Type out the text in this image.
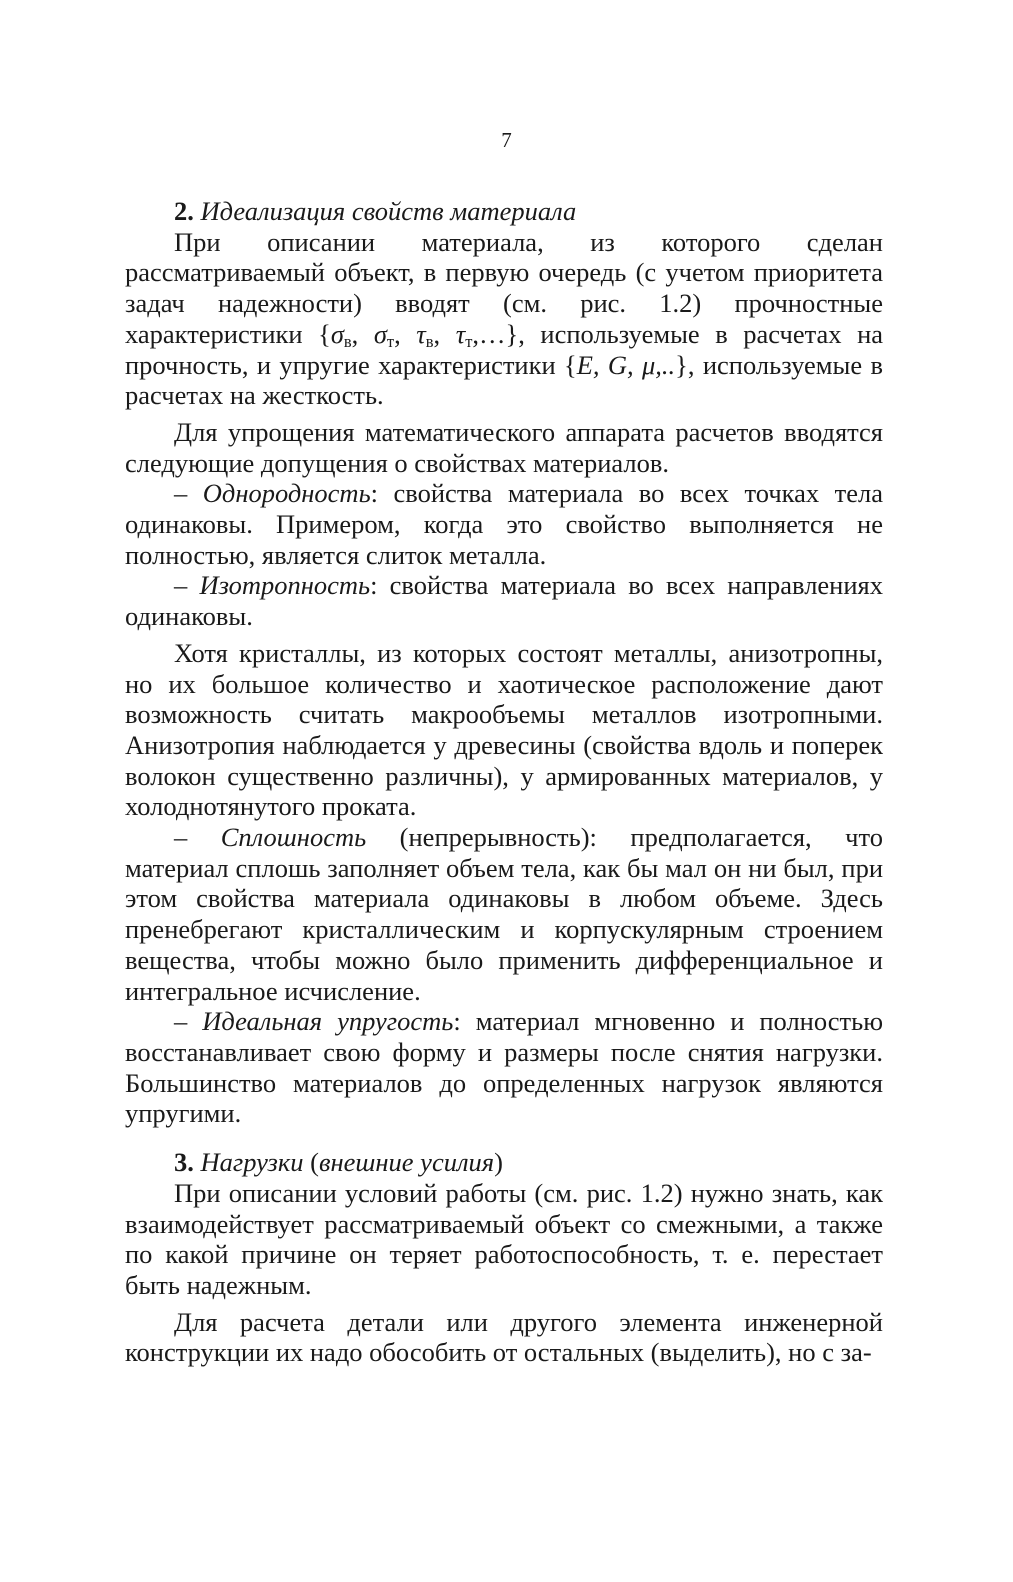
7

2. Идеализация свойств материала

При описании материала, из которого сделан рассматриваемый объект, в первую очередь (с учетом приоритета задач надежности) вводят (см. рис. 1.2) прочностные характеристики {$\sigma_в$, $\sigma_т$, $\tau_в$, $\tau_т,\dots$}, используемые в расчетах на прочность, и упругие характеристики {E, G, μ,..}, используемые в расчетах на жесткость.

Для упрощения математического аппарата расчетов вводятся следующие допущения о свойствах материалов.

– Однородность: свойства материала во всех точках тела одинаковы. Примером, когда это свойство выполняется не полностью, является слиток металла.

– Изотропность: свойства материала во всех направлениях одинаковы.

Хотя кристаллы, из которых состоят металлы, анизотропны, но их большое количество и хаотическое расположение дают возможность считать макрообъемы металлов изотропными. Анизотропия наблюдается у древесины (свойства вдоль и поперек волокон существенно различны), у армированных материалов, у холоднотянутого проката.

– Сплошность (непрерывность): предполагается, что материал сплошь заполняет объем тела, как бы мал он ни был, при этом свойства материала одинаковы в любом объеме. Здесь пренебрегают кристаллическим и корпускулярным строением вещества, чтобы можно было применить дифференциальное и интегральное исчисление.

– Идеальная упругость: материал мгновенно и полностью восстанавливает свою форму и размеры после снятия нагрузки. Большинство материалов до определенных нагрузок являются упругими.

3. Нагрузки (внешние усилия)

При описании условий работы (см. рис. 1.2) нужно знать, как взаимодействует рассматриваемый объект со смежными, а также по какой причине он теряет работоспособность, т. е. перестает быть надежным.

Для расчета детали или другого элемента инженерной конструкции их надо обособить от остальных (выделить), но с за-
